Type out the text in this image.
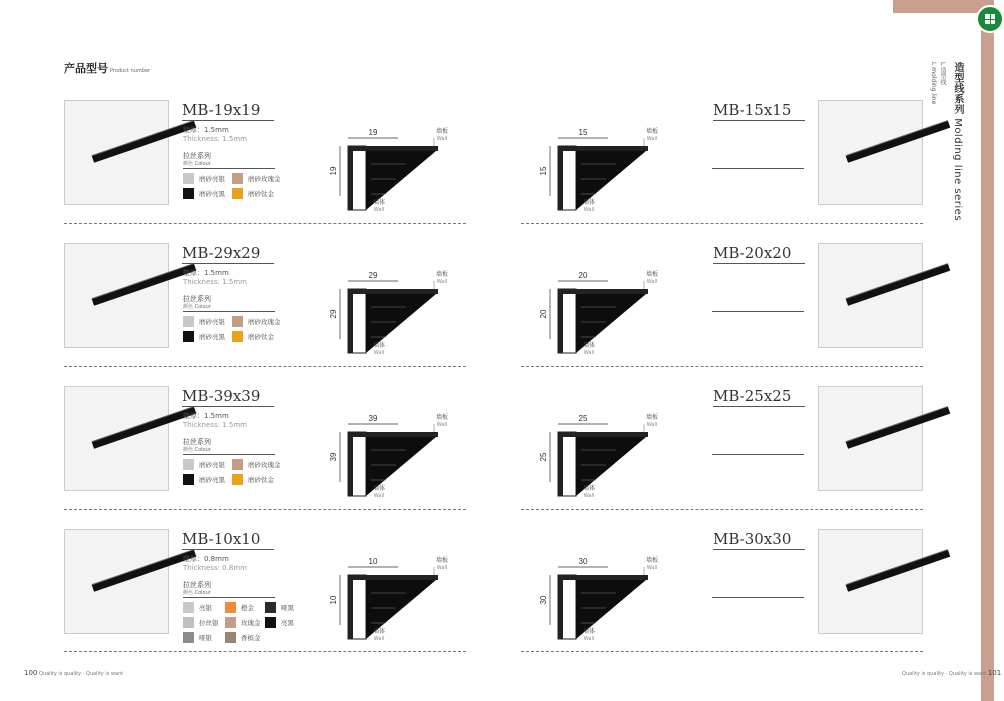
产品型号 Product number	造型线系列 Molding line series
L 造型线
L molding line
MB-19x19
壁厚：1.5mm
Thickness: 1.5mm
拉丝系列
颜色 Colour
磨砂亮银	磨砂玫瑰金
磨砂亮黑	磨砂钛金
19
19
墙板
Wall
墙体
Wall
MB-29x29
壁厚：1.5mm
Thickness: 1.5mm
拉丝系列
颜色 Colour
磨砂亮银	磨砂玫瑰金
磨砂亮黑	磨砂钛金
29
29
墙板
Wall
墙体
Wall
MB-39x39
壁厚：1.5mm
Thickness: 1.5mm
拉丝系列
颜色 Colour
磨砂亮银	磨砂玫瑰金
磨砂亮黑	磨砂钛金
39
39
墙板
Wall
墙体
Wall
MB-10x10
壁厚：0.8mm
Thickness: 0.8mm
拉丝系列
颜色 Colour
亮银	橙金	哑黑
拉丝银	玫瑰金	亮黑
哑银	香槟金
10
10
墙板
Wall
墙体
Wall
MB-15x15
15
15
墙板
Wall
墙体
Wall
MB-20x20
20
20
墙板
Wall
墙体
Wall
MB-25x25
25
25
墙板
Wall
墙体
Wall
MB-30x30
30
30
墙板
Wall
墙体
Wall
100 Quality is quality · Quality is want	Quality is quality · Quality is want 101
